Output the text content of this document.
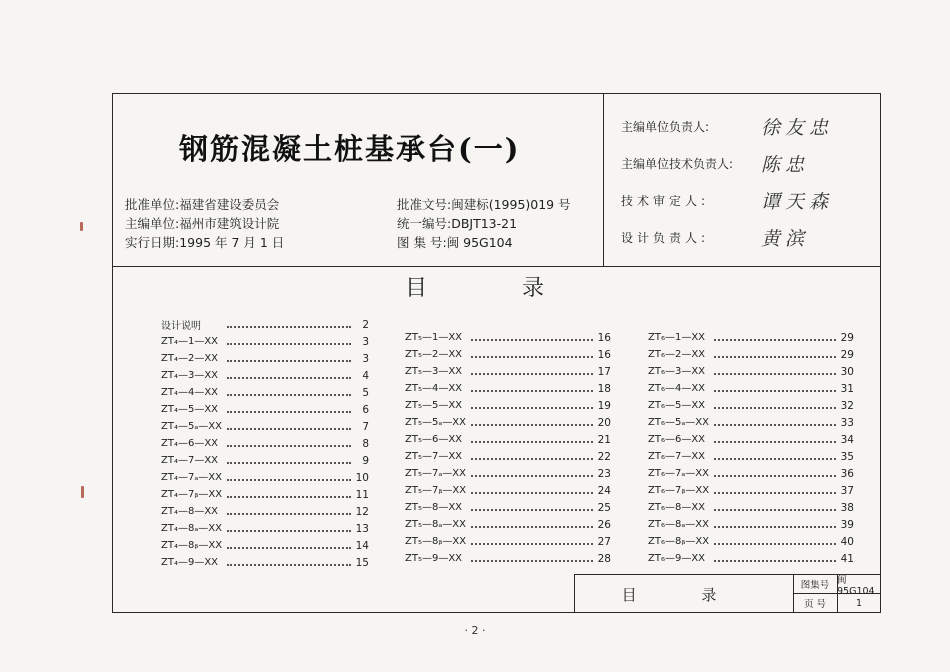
钢筋混凝土桩基承台(一)
批准单位:福建省建设委员会
主编单位:福州市建筑设计院
实行日期:1995 年 7 月 1 日
批准文号:闽建标(1995)019 号
统一编号:DBJT13-21
图 集 号:闽 95G104
主编单位负责人:	徐友忠
主编单位技术负责人:	陈忠
技术审定人:	谭天森
设计负责人:	黄滨
目 录
设计说明	2
ZT₄—1—XX	3
ZT₄—2—XX	3
ZT₄—3—XX	4
ZT₄—4—XX	5
ZT₄—5—XX	6
ZT₄—5ₐ—XX	7
ZT₄—6—XX	8
ZT₄—7—XX	9
ZT₄—7ₐ—XX	10
ZT₄—7ᵦ—XX	11
ZT₄—8—XX	12
ZT₄—8ₐ—XX	13
ZT₄—8ᵦ—XX	14
ZT₄—9—XX	15
ZT₅—1—XX	16
ZT₅—2—XX	16
ZT₅—3—XX	17
ZT₅—4—XX	18
ZT₅—5—XX	19
ZT₅—5ₐ—XX	20
ZT₅—6—XX	21
ZT₅—7—XX	22
ZT₅—7ₐ—XX	23
ZT₅—7ᵦ—XX	24
ZT₅—8—XX	25
ZT₅—8ₐ—XX	26
ZT₅—8ᵦ—XX	27
ZT₅—9—XX	28
ZT₆—1—XX	29
ZT₆—2—XX	29
ZT₆—3—XX	30
ZT₆—4—XX	31
ZT₆—5—XX	32
ZT₆—5ₐ—XX	33
ZT₆—6—XX	34
ZT₆—7—XX	35
ZT₆—7ₐ—XX	36
ZT₆—7ᵦ—XX	37
ZT₆—8—XX	38
ZT₆—8ₐ—XX	39
ZT₆—8ᵦ—XX	40
ZT₆—9—XX	41
目 录	图集号 闽 95G104
页 号	1
· 2 ·
